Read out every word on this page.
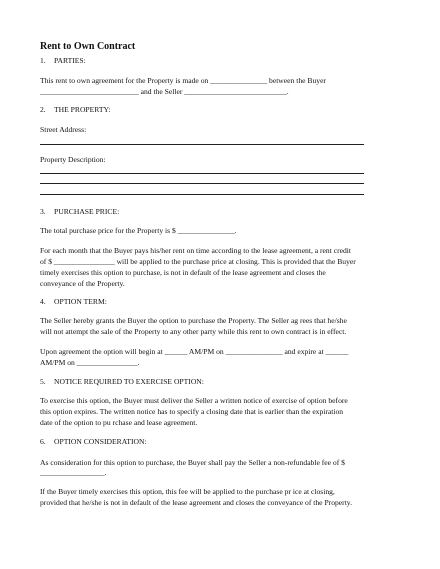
Rent to Own Contract

1. PARTIES:

This rent to own agreement for the Property is made on _______________ between the Buyer

__________________________ and the Seller ___________________________.

2. THE PROPERTY:

Street Address:

Property Description:

3. PURCHASE PRICE:

The total purchase price for the Property is $ _______________.

For each month that the Buyer pays his/her rent on time according to the lease agreement, a rent credit

of $ ________________ will be applied to the purchase price at closing. This is provided that the Buyer

timely exercises this option to purchase, is not in default of the lease agreement and closes the

conveyance of the Property.

4. OPTION TERM:

The Seller hereby grants the Buyer the option to purchase the Property. The Seller ag rees that he/she

will not attempt the sale of the Property to any other party while this rent to own contract is in effect.

Upon agreement the option will begin at ______ AM/PM on _______________ and expire at ______

AM/PM on ________________.

5. NOTICE REQUIRED TO EXERCISE OPTION:

To exercise this option, the Buyer must deliver the Seller a written notice of exercise of option before

this option expires. The written notice has to specify a closing date that is earlier than the expiration

date of the option to pu rchase and lease agreement.

6. OPTION CONSIDERATION:

As consideration for this option to purchase, the Buyer shall pay the Seller a non-refundable fee of $

_________________.

If the Buyer timely exercises this option, this fee will be applied to the purchase pr ice at closing,

provided that he/she is not in default of the lease agreement and closes the conveyance of the Property.
